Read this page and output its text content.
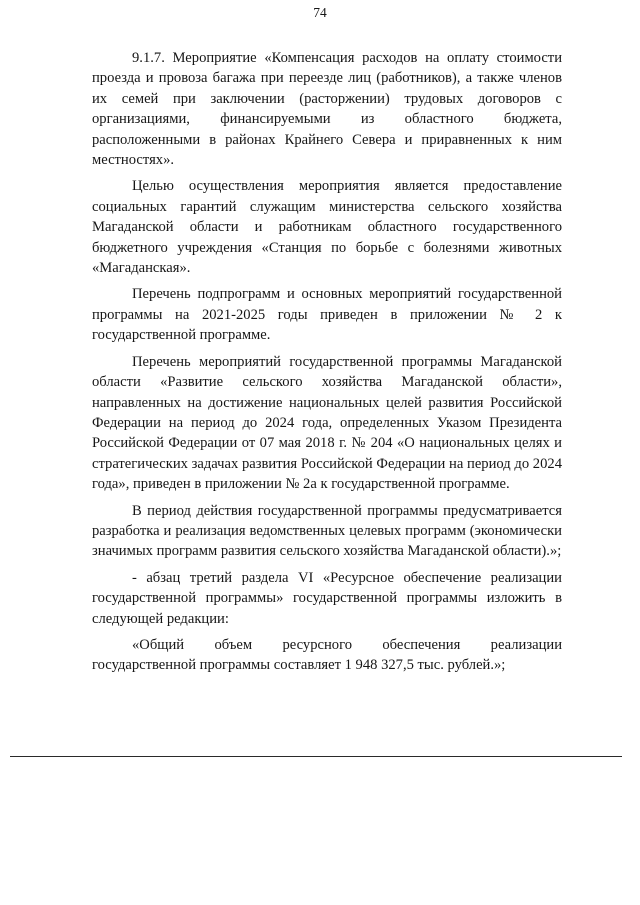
74

9.1.7. Мероприятие «Компенсация расходов на оплату стоимости проезда и провоза багажа при переезде лиц (работников), а также членов их семей при заключении (расторжении) трудовых договоров с организациями, финансируемыми из областного бюджета, расположенными в районах Крайнего Севера и приравненных к ним местностях».

Целью осуществления мероприятия является предоставление социальных гарантий служащим министерства сельского хозяйства Магаданской области и работникам областного государственного бюджетного учреждения «Станция по борьбе с болезнями животных «Магаданская».

Перечень подпрограмм и основных мероприятий государственной программы на 2021-2025 годы приведен в приложении № 2 к государственной программе.

Перечень мероприятий государственной программы Магаданской области «Развитие сельского хозяйства Магаданской области», направленных на достижение национальных целей развития Российской Федерации на период до 2024 года, определенных Указом Президента Российской Федерации от 07 мая 2018 г. № 204 «О национальных целях и стратегических задачах развития Российской Федерации на период до 2024 года», приведен в приложении № 2а к государственной программе.

В период действия государственной программы предусматривается разработка и реализация ведомственных целевых программ (экономически значимых программ развития сельского хозяйства Магаданской области).»;

- абзац третий раздела VI «Ресурсное обеспечение реализации государственной программы» государственной программы изложить в следующей редакции:

«Общий объем ресурсного обеспечения реализации государственной программы составляет 1 948 327,5 тыс. рублей.»;
